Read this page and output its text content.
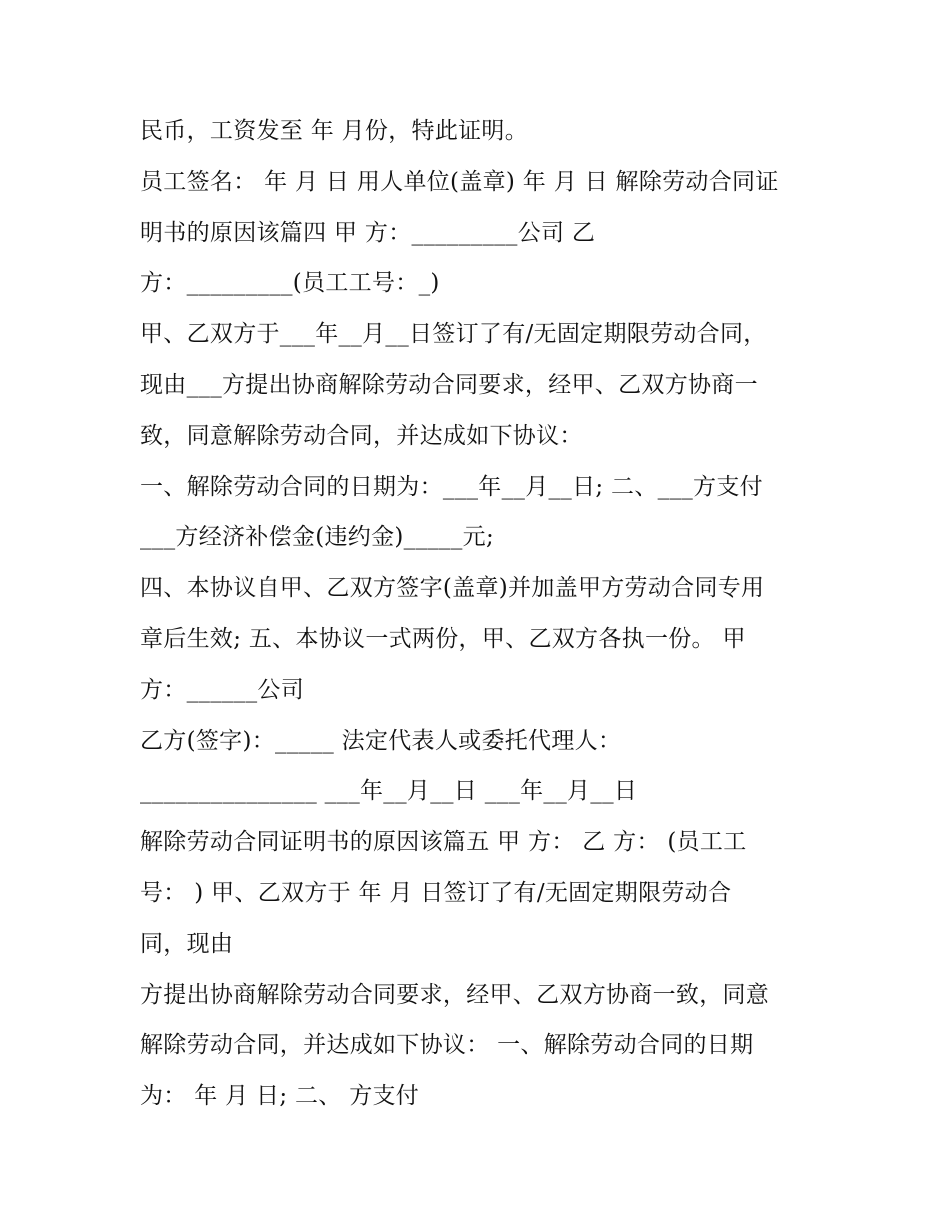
民币，工资发至 年 月份，特此证明。
员工签名： 年 月 日 用人单位(盖章) 年 月 日 解除劳动合同证
明书的原因该篇四 甲 方：_________公司 乙
方：_________(员工工号：_)
甲、乙双方于___年__月__日签订了有/无固定期限劳动合同，
现由___方提出协商解除劳动合同要求，经甲、乙双方协商一
致，同意解除劳动合同，并达成如下协议：
一、解除劳动合同的日期为：___年__月__日; 二、___方支付
___方经济补偿金(违约金)_____元;
四、本协议自甲、乙双方签字(盖章)并加盖甲方劳动合同专用
章后生效; 五、本协议一式两份，甲、乙双方各执一份。 甲
方：______公司
乙方(签字)：_____ 法定代表人或委托代理人：
_______________ ___年__月__日 ___年__月__日
解除劳动合同证明书的原因该篇五 甲 方： 乙 方： (员工工
号： ) 甲、乙双方于 年 月 日签订了有/无固定期限劳动合
同，现由
方提出协商解除劳动合同要求，经甲、乙双方协商一致，同意
解除劳动合同，并达成如下协议： 一、解除劳动合同的日期
为： 年 月 日; 二、 方支付
